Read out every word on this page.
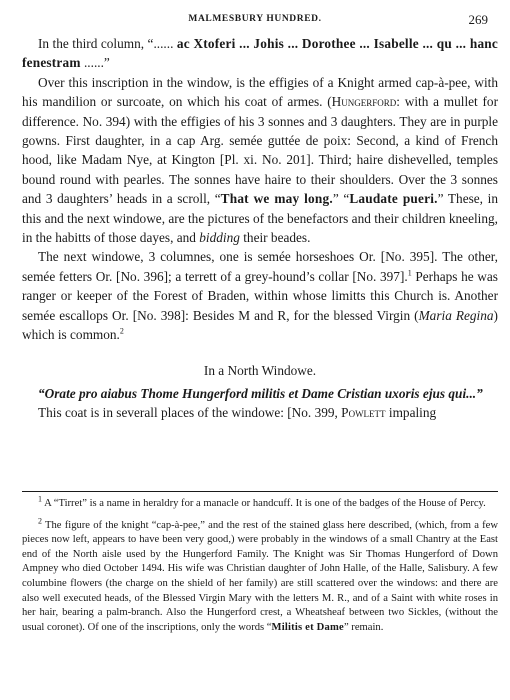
MALMESBURY HUNDRED.	269

In the third column, “...... ac Xtoferi ... Johis ... Dorothee ... Isabelle ... qu ... hanc fenestram ......”

Over this inscription in the window, is the effigies of a Knight armed cap-à-pee, with his mandilion or surcoate, on which his coat of armes. (Hungerford: with a mullet for difference. No. 394) with the effigies of his 3 sonnes and 3 daughters. They are in purple gowns. First daughter, in a cap Arg. semée guttée de poix: Second, a kind of French hood, like Madam Nye, at Kington [Pl. xi. No. 201]. Third; haire dishevelled, temples bound round with pearles. The sonnes have haire to their shoulders. Over the 3 sonnes and 3 daughters’ heads in a scroll, “That we may long.” “Laudate pueri.” These, in this and the next windowe, are the pictures of the benefactors and their children kneeling, in the habitts of those dayes, and bidding their beades.

The next windowe, 3 columnes, one is semée horseshoes Or. [No. 395]. The other, semée fetters Or. [No. 396]; a terrett of a grey-hound’s collar [No. 397].$^1$ Perhaps he was ranger or keeper of the Forest of Braden, within whose limitts this Church is. Another semée escallops Or. [No. 398]: Besides M and R, for the blessed Virgin (Maria Regina) which is common.$^2$

In a North Windowe.

“Orate pro aiabus Thome Hungerford militis et Dame Cristian uxoris ejus qui...”

This coat is in severall places of the windowe: [No. 399, Powlett impaling

$^1$ A “Tirret” is a name in heraldry for a manacle or handcuff. It is one of the badges of the House of Percy.

$^2$ The figure of the knight “cap-à-pee,” and the rest of the stained glass here described, (which, from a few pieces now left, appears to have been very good,) were probably in the windows of a small Chantry at the East end of the North aisle used by the Hungerford Family. The Knight was Sir Thomas Hungerford of Down Ampney who died October 1494. His wife was Christian daughter of John Halle, of the Halle, Salisbury. A few columbine flowers (the charge on the shield of her family) are still scattered over the windows: and there are also well executed heads, of the Blessed Virgin Mary with the letters M. R., and of a Saint with white roses in her hair, bearing a palm-branch. Also the Hungerford crest, a Wheatsheaf between two Sickles, (without the usual coronet). Of one of the inscriptions, only the words “Militis et Dame” remain.
